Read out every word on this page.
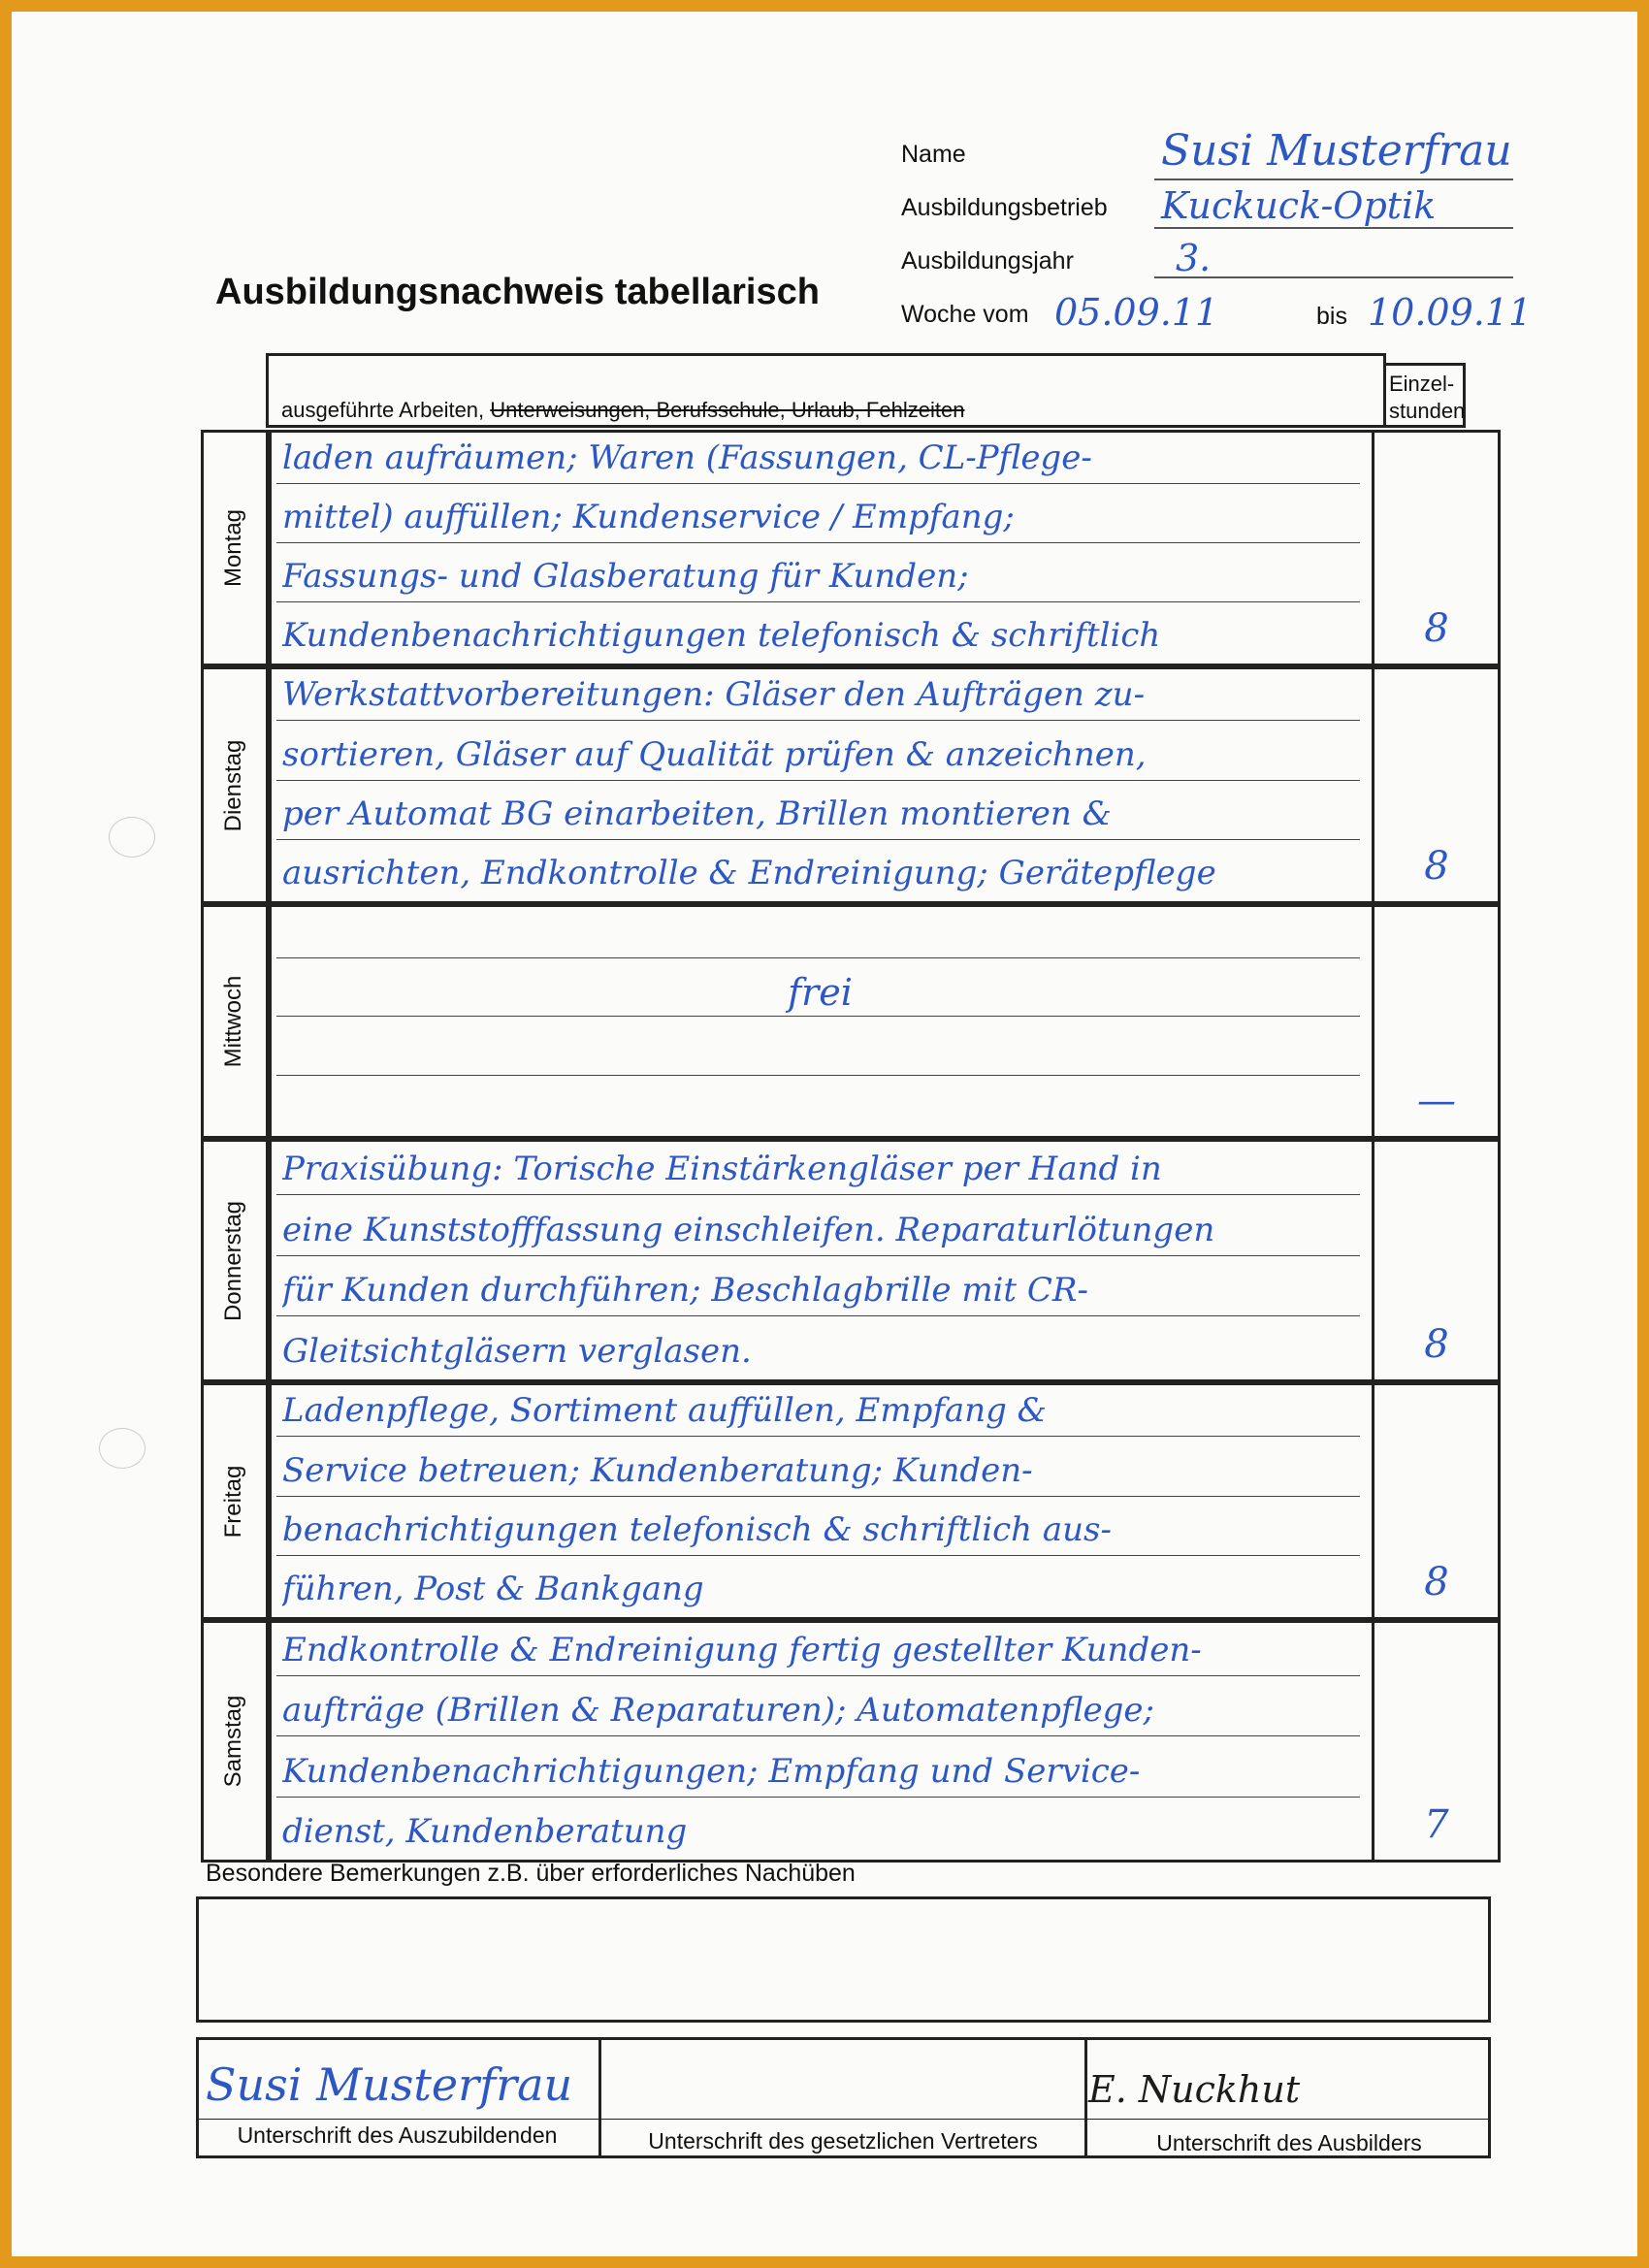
Ausbildungsnachweis tabellarisch
Name	Susi Musterfrau
Ausbildungsbetrieb Kuckuck-Optik
Ausbildungsjahr	3.
Woche vom 05.09.11	bis 10.09.11
ausgeführte Arbeiten, Unterweisungen, Berufsschule, Urlaub, Fehlzeiten
Einzel-
stunden
Besondere Bemerkungen z.B. über erforderliches Nachüben
Susi Musterfrau
Unterschrift des Auszubildenden	Unterschrift des gesetzlichen Vertreters
E. Nuckhut
Unterschrift des Ausbilders
Montag
laden aufräumen; Waren (Fassungen, CL-Pflege-
mittel) auffüllen; Kundenservice / Empfang;
Fassungs- und Glasberatung für Kunden;
Kundenbenachrichtigungen telefonisch & schriftlich	8
Dienstag
Werkstattvorbereitungen: Gläser den Aufträgen zu-
sortieren, Gläser auf Qualität prüfen & anzeichnen,
per Automat BG einarbeiten, Brillen montieren &
ausrichten, Endkontrolle & Endreinigung; Gerätepflege	8
Mittwoch	frei
—
Donnerstag
Praxisübung: Torische Einstärkengläser per Hand in
eine Kunststofffassung einschleifen. Reparaturlötungen
für Kunden durchführen; Beschlagbrille mit CR-
Gleitsichtgläsern verglasen.	8
Freitag
Ladenpflege, Sortiment auffüllen, Empfang &
Service betreuen; Kundenberatung; Kunden-
benachrichtigungen telefonisch & schriftlich aus-
führen, Post & Bankgang	8
Samstag
Endkontrolle & Endreinigung fertig gestellter Kunden-
aufträge (Brillen & Reparaturen); Automatenpflege;
Kundenbenachrichtigungen; Empfang und Service-
dienst, Kundenberatung	7
